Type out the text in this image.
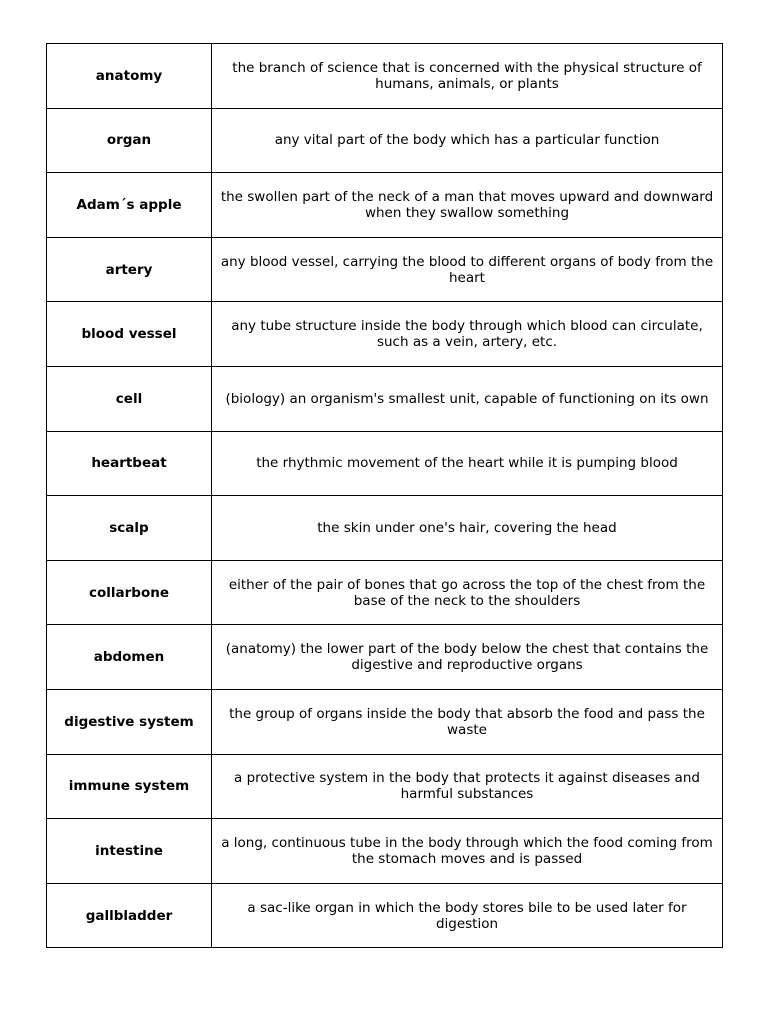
anatomy	the branch of science that is concerned with the physical structure of humans, animals, or plants
organ	any vital part of the body which has a particular function
Adam´s apple	the swollen part of the neck of a man that moves upward and downward when they swallow something
artery	any blood vessel, carrying the blood to different organs of body from the heart
blood vessel	any tube structure inside the body through which blood can circulate, such as a vein, artery, etc.
cell	(biology) an organism's smallest unit, capable of functioning on its own
heartbeat	the rhythmic movement of the heart while it is pumping blood
scalp	the skin under one's hair, covering the head
collarbone	either of the pair of bones that go across the top of the chest from the base of the neck to the shoulders
abdomen	(anatomy) the lower part of the body below the chest that contains the digestive and reproductive organs
digestive system	the group of organs inside the body that absorb the food and pass the waste
immune system	a protective system in the body that protects it against diseases and harmful substances
intestine	a long, continuous tube in the body through which the food coming from the stomach moves and is passed
gallbladder	a sac-like organ in which the body stores bile to be used later for digestion
